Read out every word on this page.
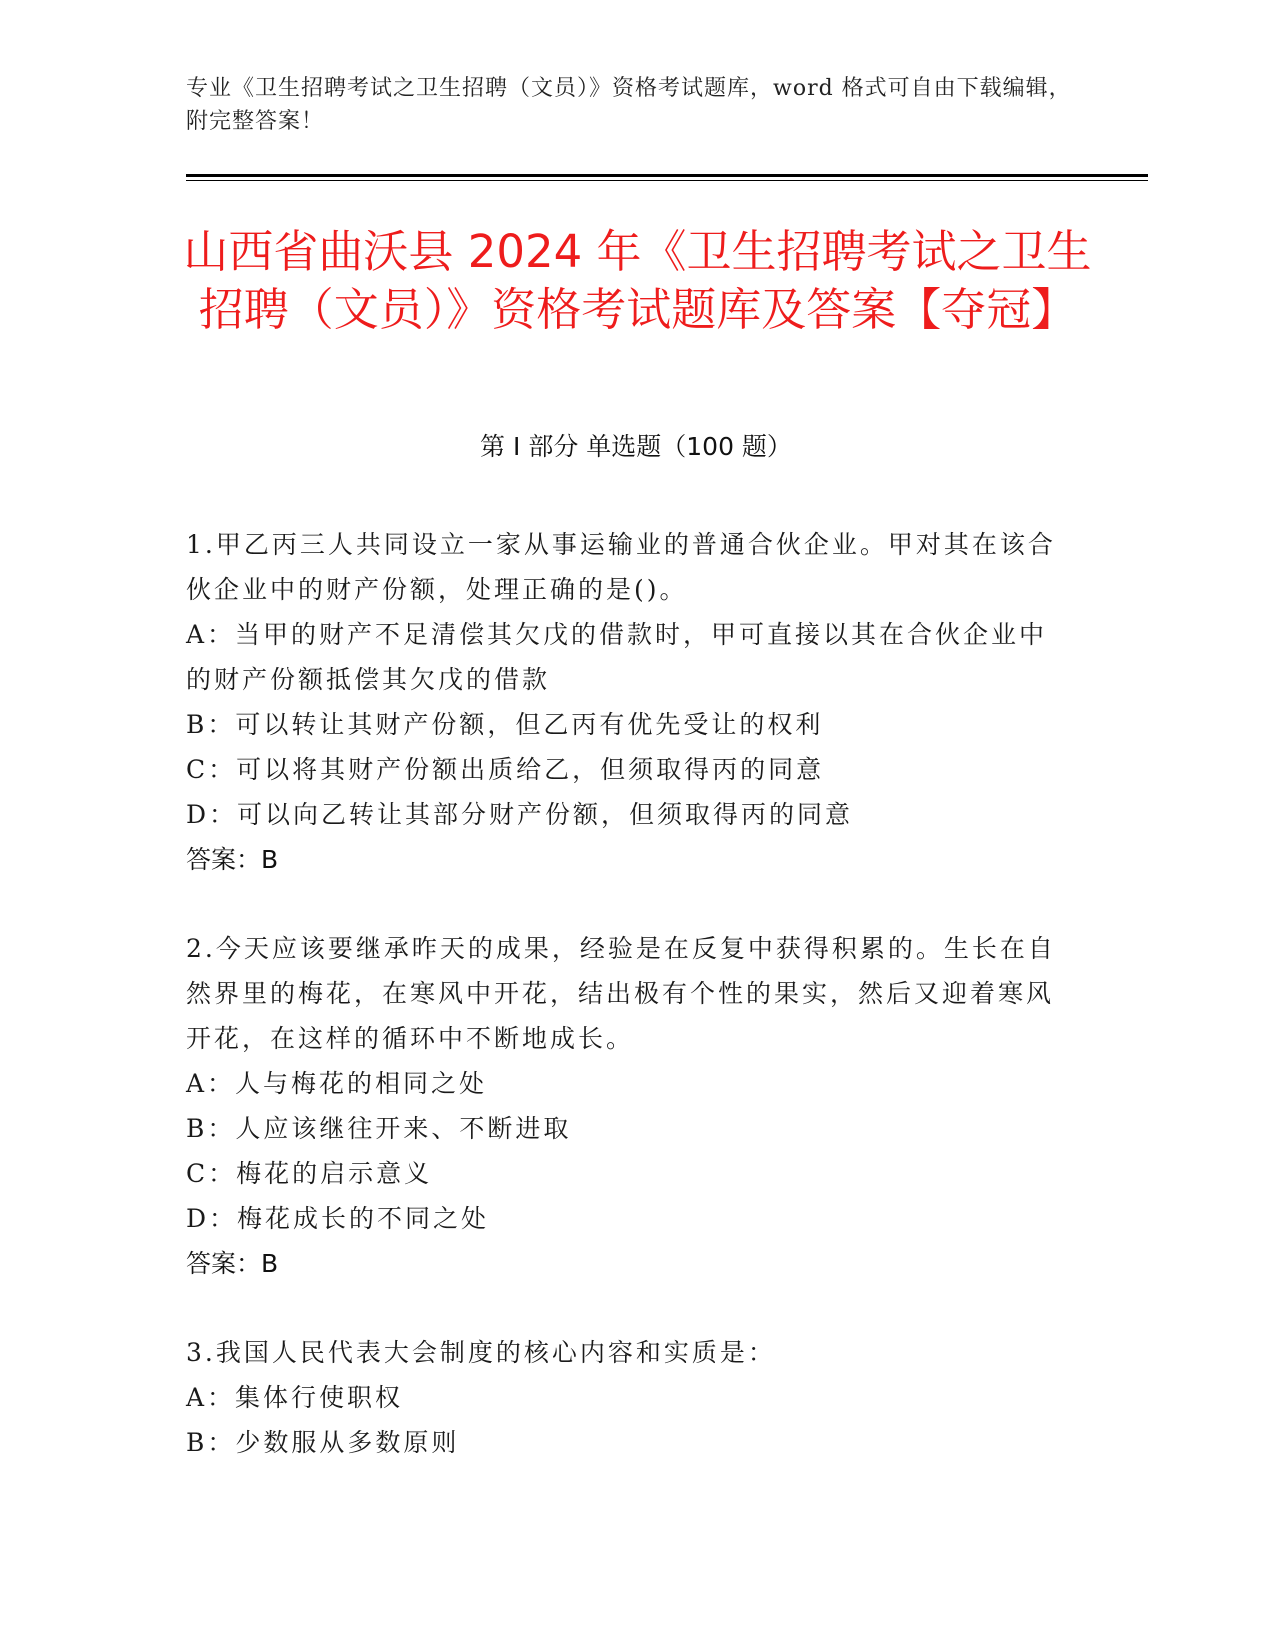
专业《卫生招聘考试之卫生招聘（文员）》资格考试题库，word 格式可自由下载编辑，附完整答案！
山西省曲沃县 2024 年《卫生招聘考试之卫生招聘（文员）》资格考试题库及答案【夺冠】
第 I 部分 单选题（100 题）

1.甲乙丙三人共同设立一家从事运输业的普通合伙企业。甲对其在该合伙企业中的财产份额，处理正确的是()。

A：当甲的财产不足清偿其欠戊的借款时，甲可直接以其在合伙企业中的财产份额抵偿其欠戊的借款

B：可以转让其财产份额，但乙丙有优先受让的权利

C：可以将其财产份额出质给乙，但须取得丙的同意

D：可以向乙转让其部分财产份额，但须取得丙的同意

答案：B

2.今天应该要继承昨天的成果，经验是在反复中获得积累的。生长在自然界里的梅花，在寒风中开花，结出极有个性的果实，然后又迎着寒风开花，在这样的循环中不断地成长。

A：人与梅花的相同之处

B：人应该继往开来、不断进取

C：梅花的启示意义

D：梅花成长的不同之处

答案：B

3.我国人民代表大会制度的核心内容和实质是：

A：集体行使职权

B：少数服从多数原则
